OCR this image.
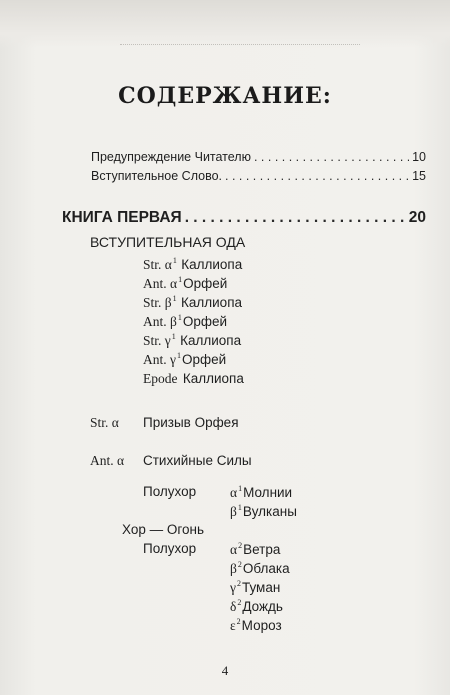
СОДЕРЖАНИЕ:
Предупреждение Читателю . . .	10
Вступительное Слово. . . .	15
КНИГА ПЕРВАЯ . . .	20
ВСТУПИТЕЛЬНАЯ ОДА
Str. $\alpha^1$ Каллиопа
Ant. $\alpha^1Орфей$
Str. $\beta^1$ Каллиопа
Ant. $\beta^1Орфей$
Str. $\gamma^1$ Каллиопа
Ant. $\gamma^1Орфей$
Epode Каллиопа
Str. α Призыв Орфея
Ant. α Стихийные Силы
Полухор	$\alpha^1Молнии$
$\beta^1Вулканы$
Хор — Огонь
Полухор	$\alpha^2Ветра$
$\beta^2Облака$
$\gamma^2Туман$
$\delta^2Дождь$
$\varepsilon^2Мороз$
4
